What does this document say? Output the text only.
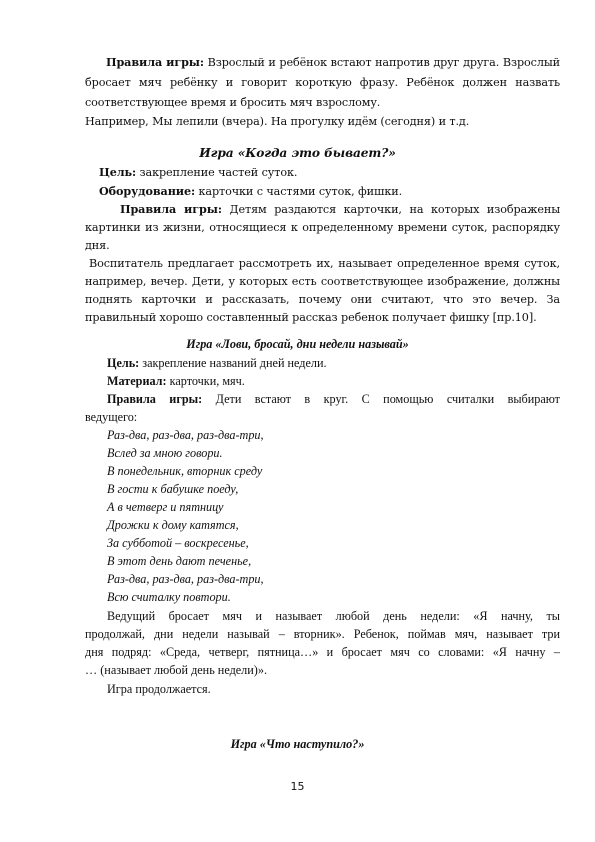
Правила игры: Взрослый и ребёнок встают напротив друг друга. Взрослый
бросает мяч ребёнку и говорит короткую фразу. Ребёнок должен назвать
соответствующее время и бросить мяч взрослому.
Например, Мы лепили (вчера). На прогулку идём (сегодня) и т.д.
Игра «Когда это бывает?»
Цель: закрепление частей суток.
Оборудование: карточки с частями суток, фишки.
Правила игры: Детям раздаются карточки, на которых изображены
картинки из жизни, относящиеся к определенному времени суток, распорядку
дня.
Воспитатель предлагает рассмотреть их, называет определенное время суток,
например, вечер. Дети, у которых есть соответствующее изображение, должны
поднять карточки и рассказать, почему они считают, что это вечер. За
правильный хорошо составленный рассказ ребенок получает фишку [пр.10].
Игра «Лови, бросай, дни недели называй»
Цель: закрепление названий дней недели.
Материал: карточки, мяч.
Правила игры: Дети встают в круг. С помощью считалки выбирают
ведущего:
Раз-два, раз-два, раз-два-три,
Вслед за мною говори.
В понедельник, вторник среду
В гости к бабушке поеду,
А в четверг и пятницу
Дрожки к дому катятся,
За субботой – воскресенье,
В этот день дают печенье,
Раз-два, раз-два, раз-два-три,
Всю считалку повтори.
Ведущий бросает мяч и называет любой день недели: «Я начну, ты
продолжай, дни недели называй – вторник». Ребенок, поймав мяч, называет три
дня подряд: «Среда, четверг, пятница…» и бросает мяч со словами: «Я начну –
… (называет любой день недели)».
Игра продолжается.
Игра «Что наступило?»
15
